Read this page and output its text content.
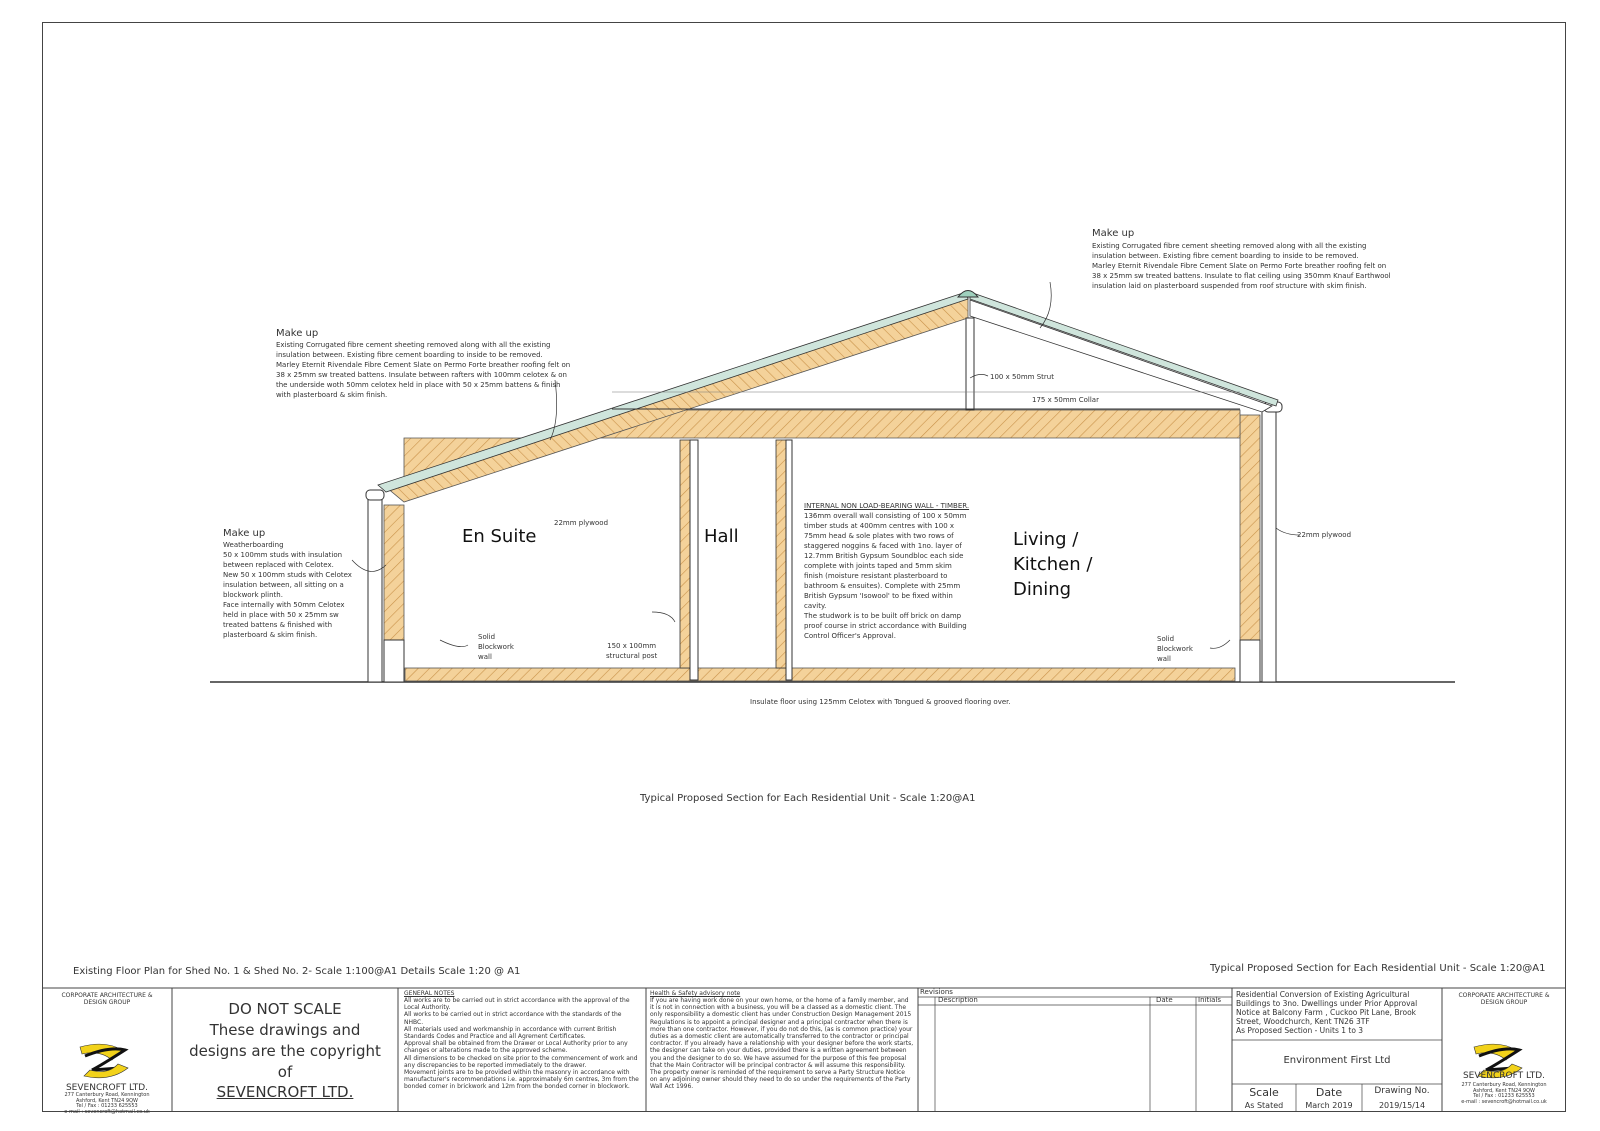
Make up
Existing Corrugated fibre cement sheeting removed along with all the existing insulation between. Existing fibre cement boarding to inside to be removed.
Marley Eternit Rivendale Fibre Cement Slate on Permo Forte breather roofing felt on 38 x 25mm sw treated battens. Insulate between rafters with 100mm celotex & on the underside woth 50mm celotex held in place with 50 x 25mm battens & finish with plasterboard & skim finish.
Make up
Existing Corrugated fibre cement sheeting removed along with all the existing insulation between. Existing fibre cement boarding to inside to be removed.
Marley Eternit Rivendale Fibre Cement Slate on Permo Forte breather roofing felt on 38 x 25mm sw treated battens. Insulate to flat ceiling using 350mm Knauf Earthwool insulation laid on plasterboard suspended from roof structure with skim finish.
Make up
Weatherboarding
50 x 100mm studs with insulation between replaced with Celotex.
New 50 x 100mm studs with Celotex insulation between, all sitting on a blockwork plinth.
Face internally with 50mm Celotex held in place with 50 x 25mm sw treated battens & finished with plasterboard & skim finish.
INTERNAL NON LOAD-BEARING WALL - TIMBER.
136mm overall wall consisting of 100 x 50mm timber studs at 400mm centres with 100 x 75mm head & sole plates with two rows of staggered noggins & faced with 1no. layer of 12.7mm British Gypsum Soundbloc each side complete with joints taped and 5mm skim finish (moisture resistant plasterboard to bathroom & ensuites). Complete with 25mm British Gypsum 'Isowool' to be fixed within cavity.
The studwork is to be built off brick on damp proof course in strict accordance with Building Control Officer's Approval.
22mm plywood
22mm plywood
100 x 50mm Strut
175 x 50mm Collar
Solid
Blockwork
wall
Solid
Blockwork
wall
150 x 100mm
structural post
Insulate floor using 125mm Celotex with Tongued & grooved flooring over.
En Suite	Hall	Living /
Kitchen /
Dining
Typical Proposed Section for Each Residential Unit - Scale 1:20@A1
Existing Floor Plan for Shed No. 1 & Shed No. 2- Scale 1:100@A1 Details Scale 1:20 @ A1	Typical Proposed Section for Each Residential Unit - Scale 1:20@A1
CORPORATE ARCHITECTURE &
DESIGN GROUP
SEVENCROFT LTD.
277 Canterbury Road, Kennington
Ashford, Kent TN24 9QW
Tel / Fax : 01233 625553
e-mail : sevencroft@hotmail.co.uk
DO NOT SCALE
These drawings and
designs are the copyright
of
SEVENCROFT LTD.
GENERAL NOTES
All works are to be carried out in strict accordance with the approval of the Local Authority.
All works to be carried out in strict accordance with the standards of the NHBC.
All materials used and workmanship in accordance with current British Standards Codes and Practice and all Agrement Certificates.
Approval shall be obtained from the Drawer or Local Authority prior to any changes or alterations made to the approved scheme.
All dimensions to be checked on site prior to the commencement of work and any discrepancies to be reported immediately to the drawer.
Movement joints are to be provided within the masonry in accordance with manufacturer's recommendations i.e. approximately 6m centres, 3m from the bonded corner in brickwork and 12m from the bonded corner in blockwork.
Health & Safety advisory note
If you are having work done on your own home, or the home of a family member, and it is not in connection with a business, you will be a classed as a domestic client. The only responsibility a domestic client has under Construction Design Management 2015 Regulations is to appoint a principal designer and a principal contractor when there is more than one contractor. However, if you do not do this, (as is common practice) your duties as a domestic client are automatically transferred to the contractor or principal contractor. If you already have a relationship with your designer before the work starts, the designer can take on your duties, provided there is a written agreement between you and the designer to do so. We have assumed for the purpose of this fee proposal that the Main Contractor will be principal contractor & will assume this responsibility.
The property owner is reminded of the requirement to serve a Party Structure Notice on any adjoining owner should they need to do so under the requirements of the Party Wall Act 1996.
Revisions
Description	Date	Initials
Residential Conversion of Existing Agricultural Buildings to 3no. Dwellings under Prior Approval Notice at Balcony Farm , Cuckoo Pit Lane, Brook Street, Woodchurch, Kent TN26 3TF
As Proposed Section - Units 1 to 3
Environment First Ltd
Scale
As Stated
Date
March 2019
Drawing No.
2019/15/14
CORPORATE ARCHITECTURE &
DESIGN GROUP
SEVENCROFT LTD.
277 Canterbury Road, Kennington
Ashford, Kent TN24 9QW
Tel / Fax : 01233 625553
e-mail : sevencroft@hotmail.co.uk
